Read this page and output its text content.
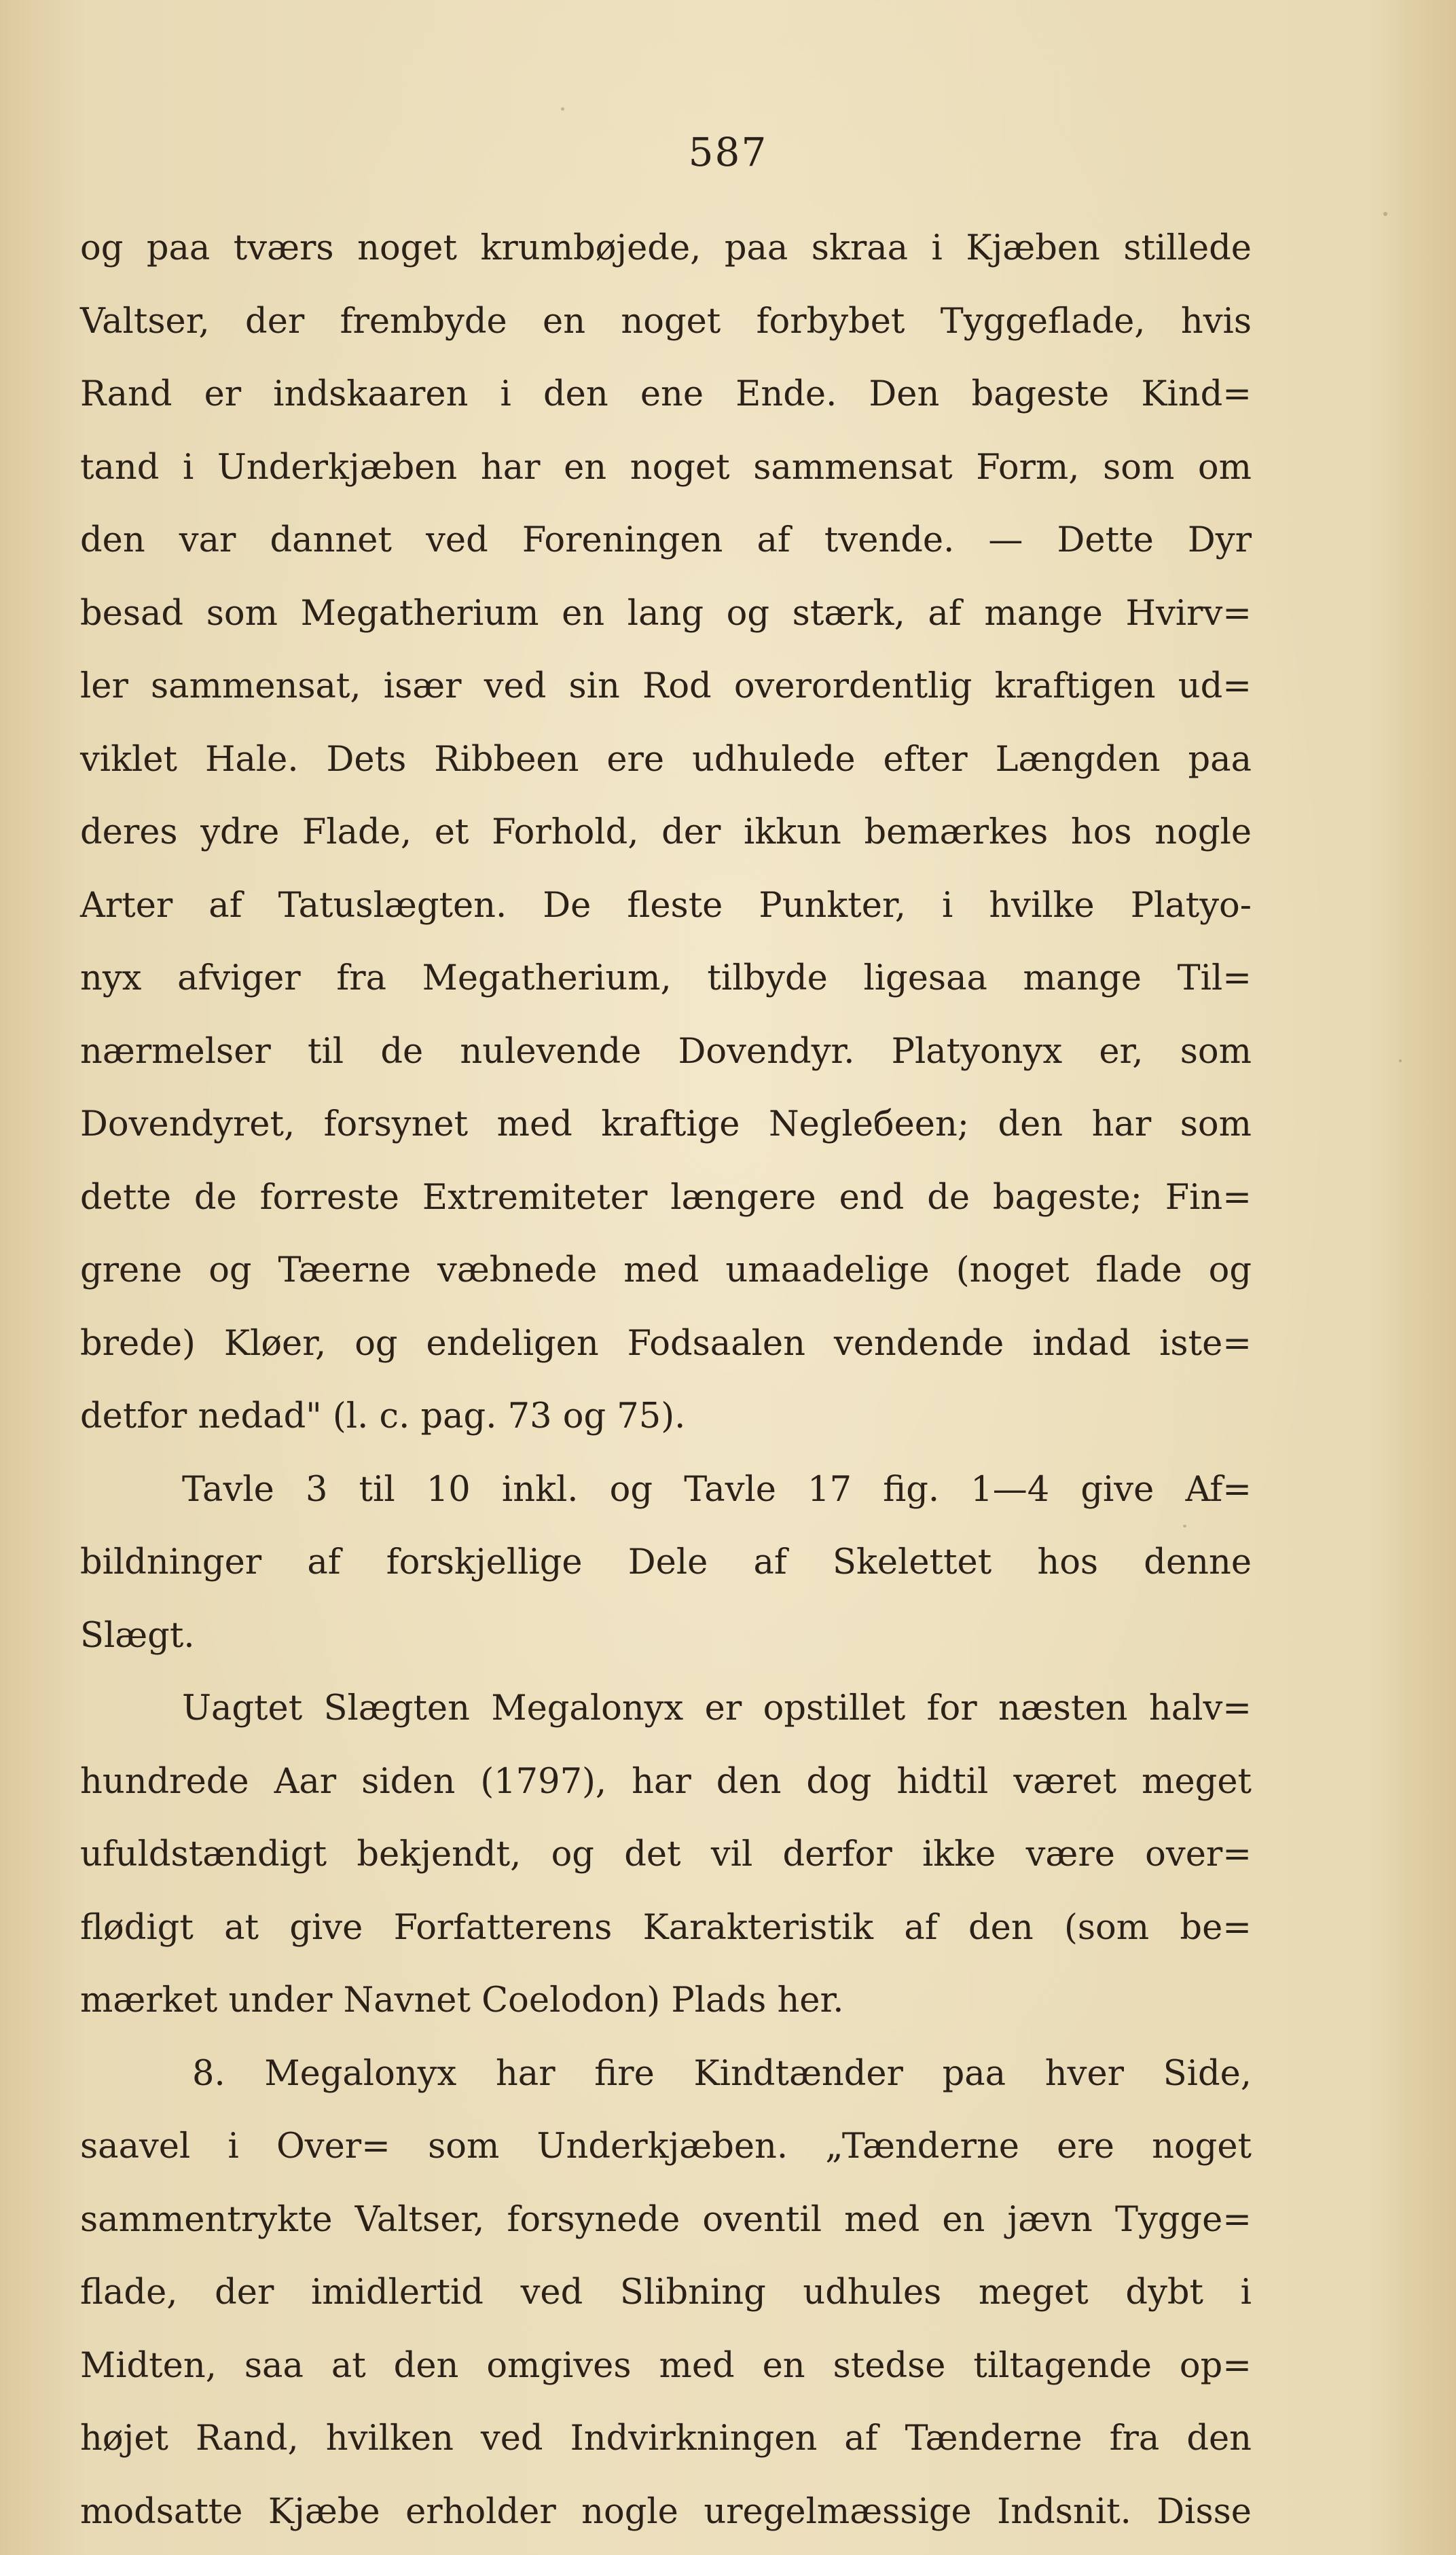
587
og paa tværs noget krumbøjede, paa skraa i Kjæben stillede
Valtser, der frembyde en noget forbybet Tyggeflade, hvis
Rand er indskaaren i den ene Ende. Den bageste Kind=
tand i Underkjæben har en noget sammensat Form, som om
den var dannet ved Foreningen af tvende. — Dette Dyr
besad som Megatherium en lang og stærk, af mange Hvirv=
ler sammensat, især ved sin Rod overordentlig kraftigen ud=
viklet Hale. Dets Ribbeen ere udhulede efter Længden paa
deres ydre Flade, et Forhold, der ikkun bemærkes hos nogle
Arter af Tatuslægten. De fleste Punkter, i hvilke Platyo-
nyx afviger fra Megatherium, tilbyde ligesaa mange Til=
nærmelser til de nulevende Dovendyr. Platyonyx er, som
Dovendyret, forsynet med kraftige Negleбeen; den har som
dette de forreste Extremiteter længere end de bageste; Fin=
grene og Tæerne væbnede med umaadelige (noget flade og
brede) Kløer, og endeligen Fodsaalen vendende indad iste=
detfor nedad" (l. c. pag. 73 og 75).
Tavle 3 til 10 inkl. og Tavle 17 fig. 1—4 give Af=
bildninger af forskjellige Dele af Skelettet hos denne
Slægt.
Uagtet Slægten Megalonyx er opstillet for næsten halv=
hundrede Aar siden (1797), har den dog hidtil været meget
ufuldstændigt bekjendt, og det vil derfor ikke være over=
flødigt at give Forfatterens Karakteristik af den (som be=
mærket under Navnet Coelodon) Plads her.
8. Megalonyx har fire Kindtænder paa hver Side,
saavel i Over= som Underkjæben. „Tænderne ere noget
sammentrykte Valtser, forsynede oventil med en jævn Tygge=
flade, der imidlertid ved Slibning udhules meget dybt i
Midten, saa at den omgives med en stedse tiltagende op=
højet Rand, hvilken ved Indvirkningen af Tænderne fra den
modsatte Kjæbe erholder nogle uregelmæssige Indsnit. Disse
